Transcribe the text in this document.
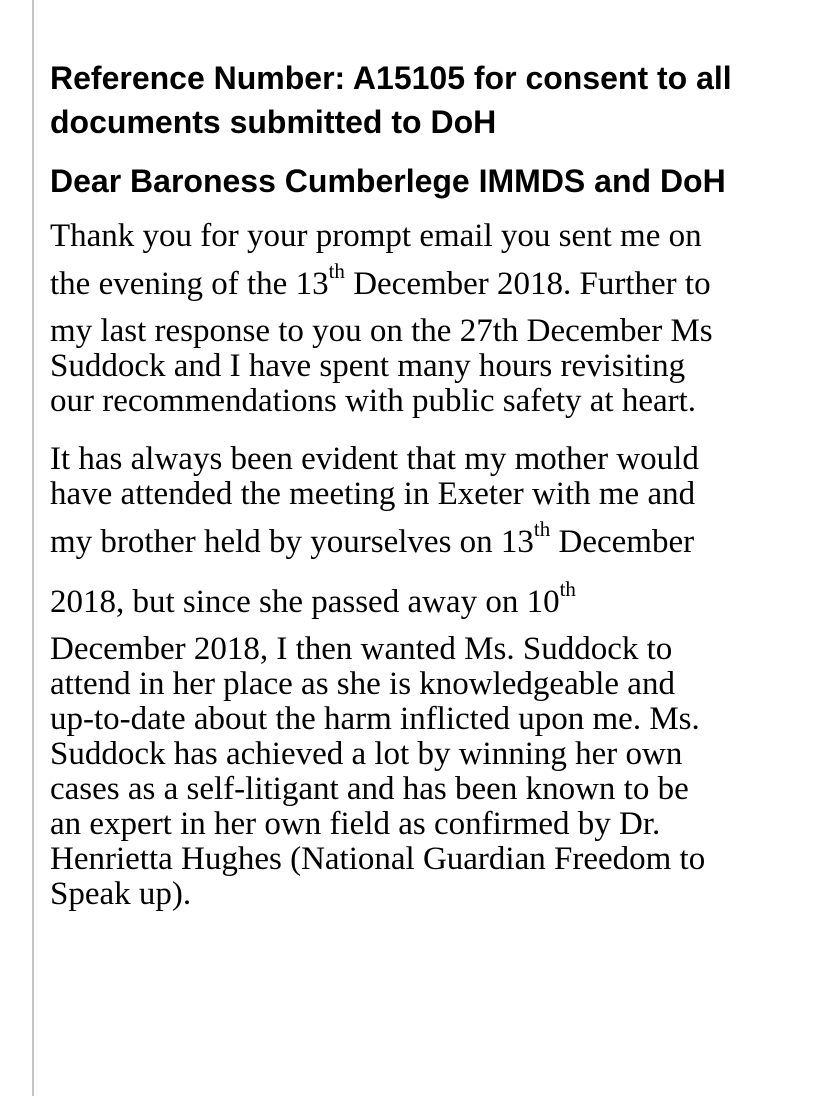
Reference Number: A15105 for consent to all documents submitted to DoH
Dear Baroness Cumberlege IMMDS and DoH

Thank you for your prompt email you sent me on
the evening of the 13th December 2018. Further to
my last response to you on the 27th December Ms
Suddock and I have spent many hours revisiting
our recommendations with public safety at heart.

It has always been evident that my mother would
have attended the meeting in Exeter with me and
my brother held by yourselves on 13th December
2018, but since she passed away on 10th
December 2018, I then wanted Ms. Suddock to
attend in her place as she is knowledgeable and
up-to-date about the harm inflicted upon me. Ms.
Suddock has achieved a lot by winning her own
cases as a self-litigant and has been known to be
an expert in her own field as confirmed by Dr.
Henrietta Hughes (National Guardian Freedom to
Speak up).
